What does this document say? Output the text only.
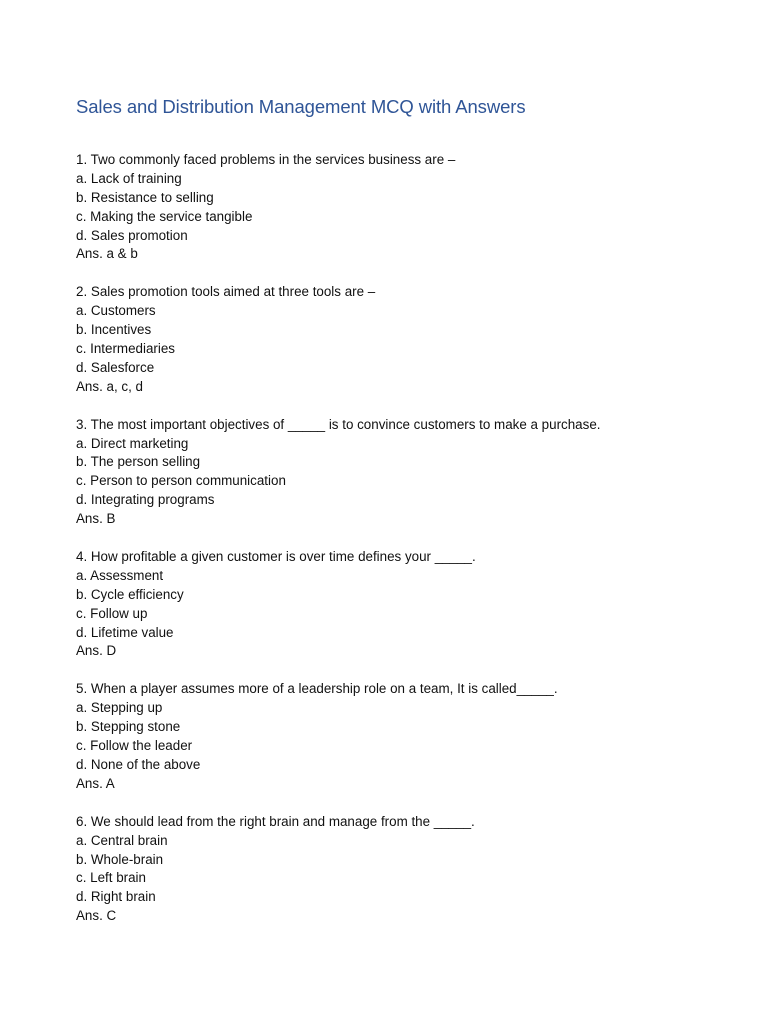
Sales and Distribution Management MCQ with Answers
1. Two commonly faced problems in the services business are –
a. Lack of training
b. Resistance to selling
c. Making the service tangible
d. Sales promotion
Ans. a & b
2. Sales promotion tools aimed at three tools are –
a. Customers
b. Incentives
c. Intermediaries
d. Salesforce
Ans. a, c, d
3. The most important objectives of _____ is to convince customers to make a purchase.
a. Direct marketing
b. The person selling
c. Person to person communication
d. Integrating programs
Ans. B
4. How profitable a given customer is over time defines your _____.
a. Assessment
b. Cycle efficiency
c. Follow up
d. Lifetime value
Ans. D
5. When a player assumes more of a leadership role on a team, It is called_____.
a. Stepping up
b. Stepping stone
c. Follow the leader
d. None of the above
Ans. A
6. We should lead from the right brain and manage from the _____.
a. Central brain
b. Whole-brain
c. Left brain
d. Right brain
Ans. C
